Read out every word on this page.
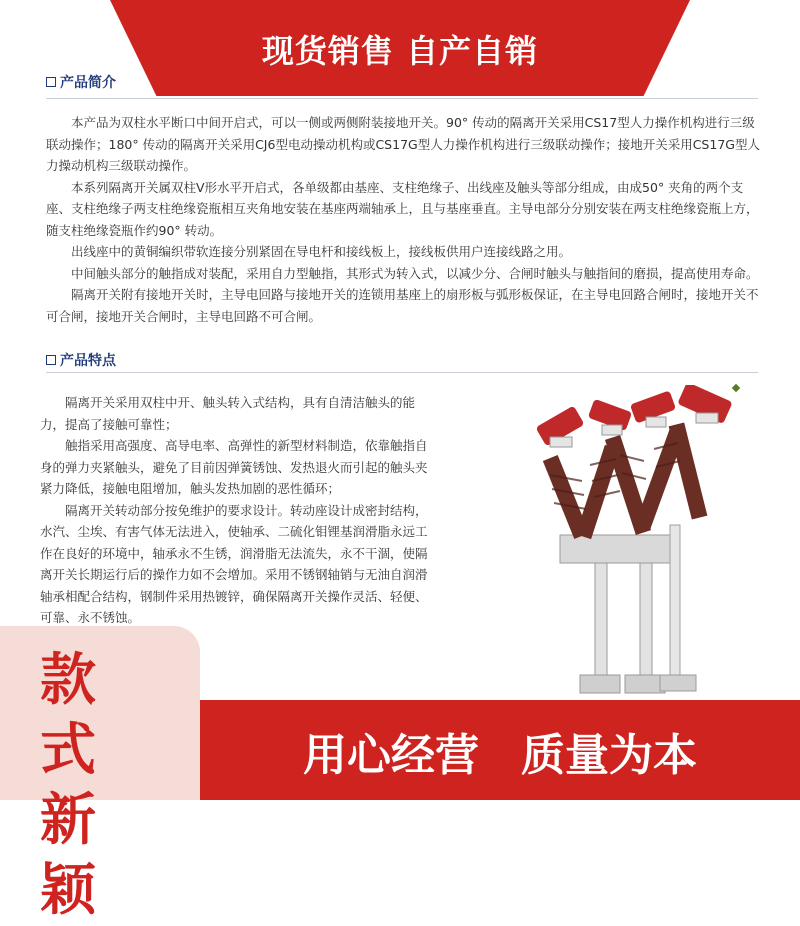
现货销售 自产自销
产品简介

本产品为双柱水平断口中间开启式，可以一侧或两侧附装接地开关。90° 传动的隔离开关采用CS17型人力操作机构进行三级联动操作；180° 传动的隔离开关采用CJ6型电动操动机构或CS17G型人力操作机构进行三级联动操作；接地开关采用CS17G型人力操动机构三级联动操作。

本系列隔离开关属双柱V形水平开启式，各单级都由基座、支柱绝缘子、出线座及触头等部分组成，由成50° 夹角的两个支座、支柱绝缘子两支柱绝缘瓷瓶相互夹角地安装在基座两端轴承上，且与基座垂直。主导电部分分别安装在两支柱绝缘瓷瓶上方，随支柱绝缘瓷瓶作约90° 转动。

出线座中的黄铜编织带软连接分别紧固在导电杆和接线板上，接线板供用户连接线路之用。

中间触头部分的触指成对装配，采用自力型触指，其形式为转入式，以减少分、合闸时触头与触指间的磨损，提高使用寿命。

隔离开关附有接地开关时，主导电回路与接地开关的连锁用基座上的扇形板与弧形板保证，在主导电回路合闸时，接地开关不可合闸，接地开关合闸时，主导电回路不可合闸。

产品特点

隔离开关采用双柱中开、触头转入式结构，具有自清洁触头的能力，提高了接触可靠性；

触指采用高强度、高导电率、高弹性的新型材料制造，依靠触指自身的弹力夹紧触头，避免了目前因弹簧锈蚀、发热退火而引起的触头夹紧力降低，接触电阻增加，触头发热加剧的恶性循环；

隔离开关转动部分按免维护的要求设计。转动座设计成密封结构，水汽、尘埃、有害气体无法进入，使轴承、二硫化钼锂基润滑脂永远工作在良好的环境中，轴承永不生锈，润滑脂无法流失，永不干涸，使隔离开关长期运行后的操作力如不会增加。采用不锈钢轴销与无油自润滑轴承相配合结构，钢制件采用热镀锌，确保隔离开关操作灵活、轻便、可靠、永不锈蚀。

款式
新颖
用心经营 质量为本
